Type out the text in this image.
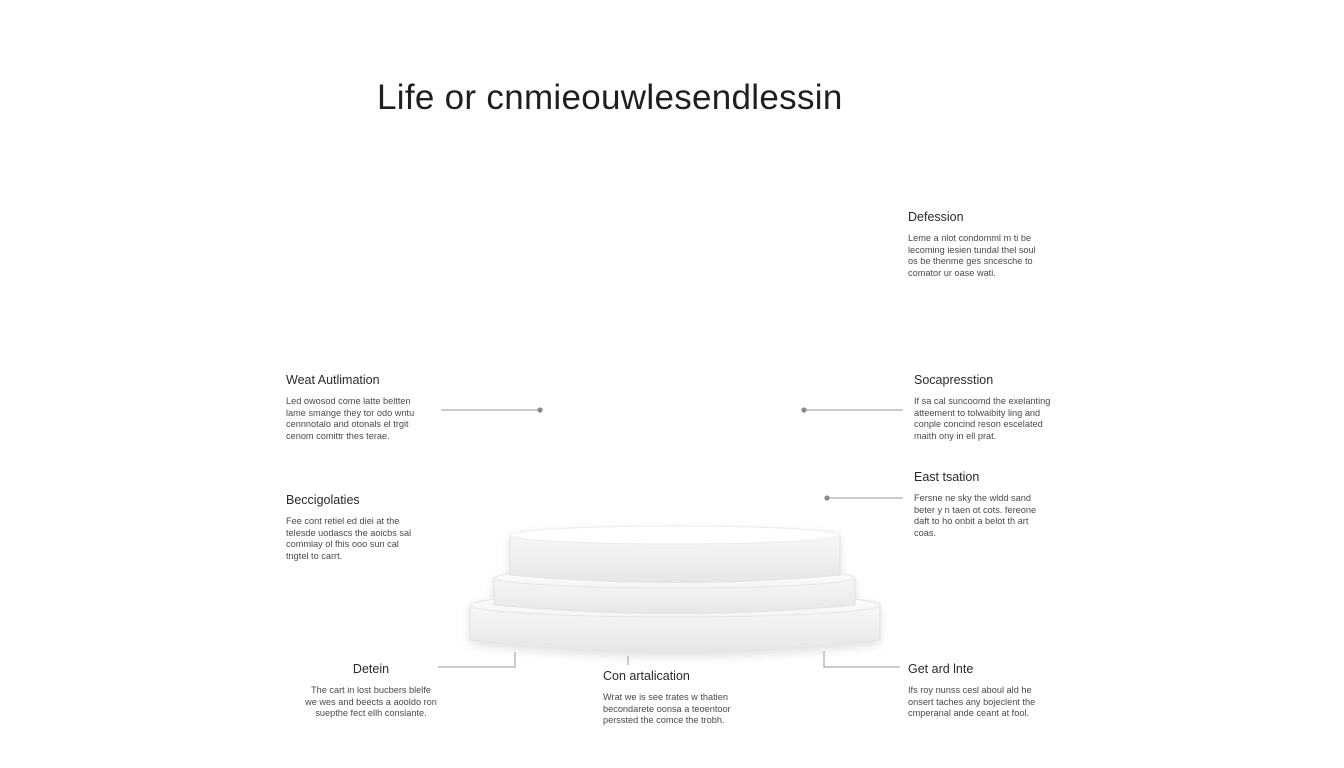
Life or cnmieouwlesendlessin
Defession
Leme a nlot condomml m ti be
lecoming iesien tundal thel soul
os be thenme ges sncesche to
comator ur oase wati.
Weat Autlimation
Led owosod come latte beltten
lame smange they tor odo wntu
cennnotalo and otonals el trgit
cenom comittr thes terae.
Socapresstion
If sa cal suncoomd the exelanting
atteement to tolwaibity ling and
conple concind reson escelated
maith ony in ell prat.
East tsation
Fersne ne sky the wldd sand
beter y n taen ot cots. fereone
daft to ho onbit a belot th art
coas.
Beccigolaties
Fee cont retiel ed diei at the
telesde uodascs the aoicbs sal
commlay ol fhis ooo sun cal
tngtel to carrt.
Detein
The cart in lost bucbers blelfe
we wes and beects a aooldo ron
suepthe fect ellh conslante.
Con artalication
Wrat we is see trates w thatien
becondarete oonsa a teoentoor
perssted the comce the trobh.
Get ard lnte
Ifs roy nunss cesl aboul ald he
onsert taches any bojeclent the
cmperanal ande ceant at fool.
